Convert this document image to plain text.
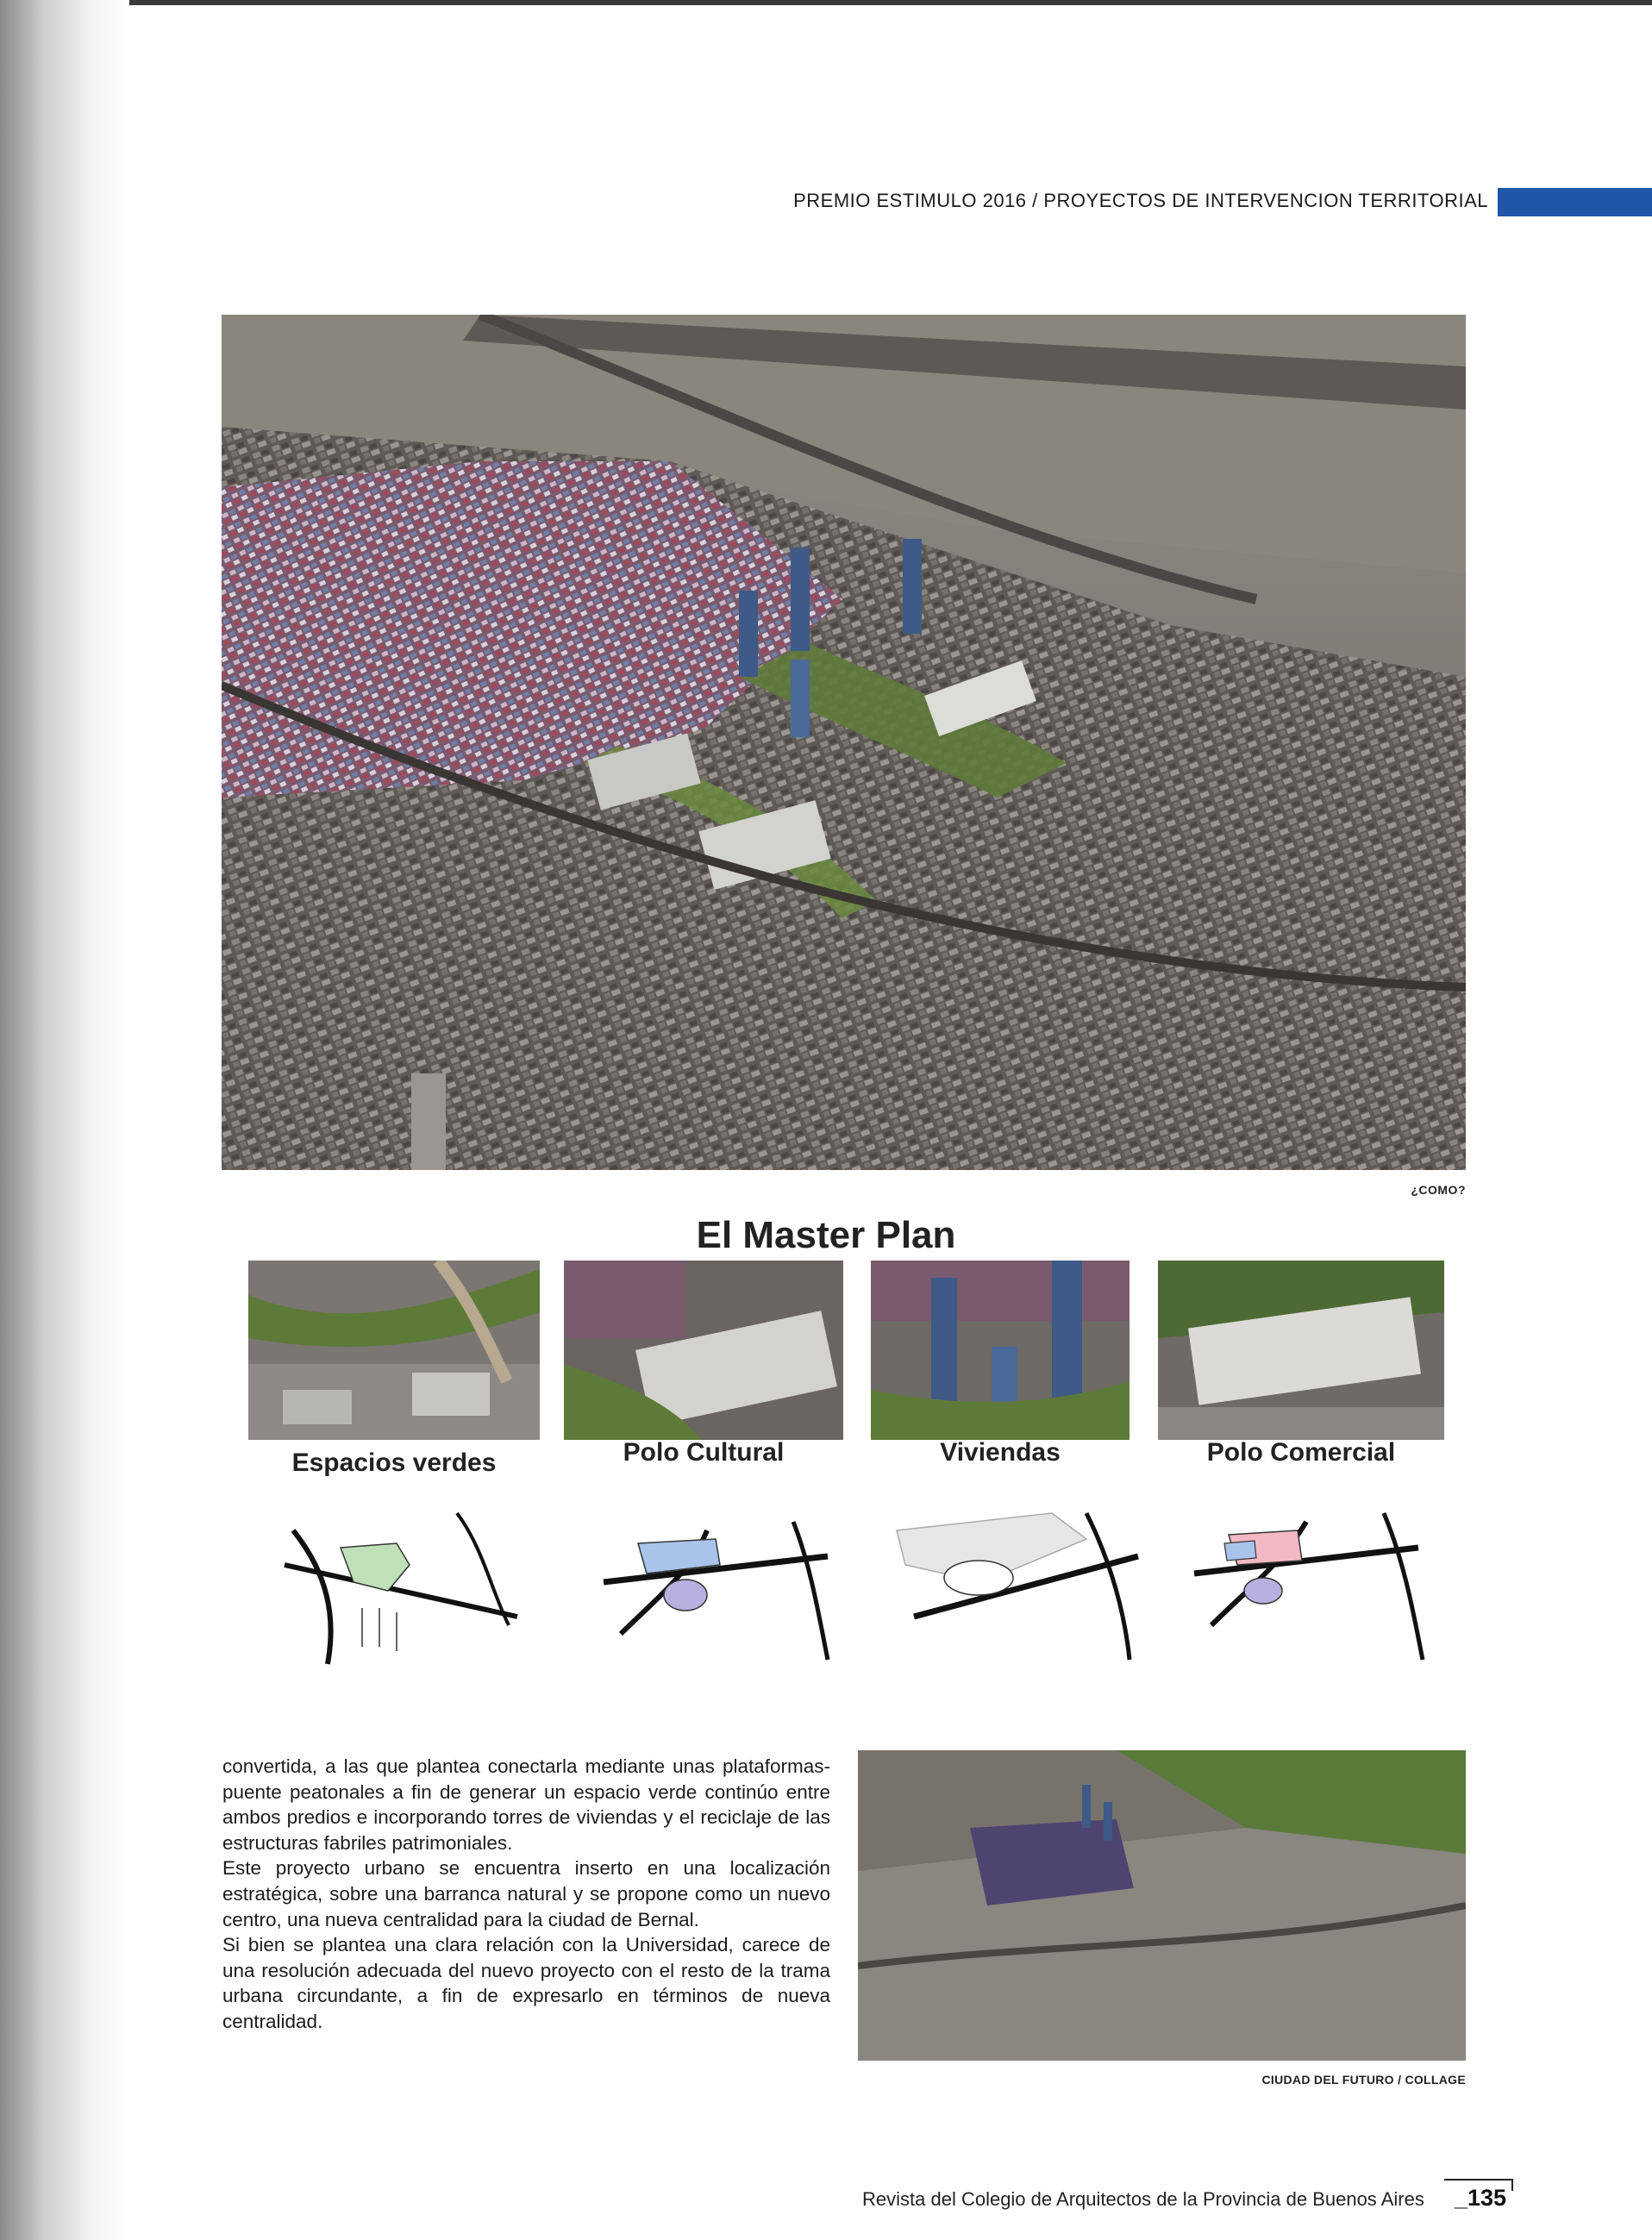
PREMIO ESTIMULO 2016 / PROYECTOS DE INTERVENCION TERRITORIAL
¿COMO?
El Master Plan
Espacios verdes	Polo Cultural	Viviendas	Polo Comercial

convertida, a las que plantea conectarla mediante unas plataformas-puente peatonales a fin de generar un espacio verde continúo entre ambos predios e incorporando torres de viviendas y el reciclaje de las estructuras fabriles patrimoniales.

Este proyecto urbano se encuentra inserto en una localización estratégica, sobre una barranca natural y se propone como un nuevo centro, una nueva centralidad para la ciudad de Bernal.

Si bien se plantea una clara relación con la Universidad, carece de una resolución adecuada del nuevo proyecto con el resto de la trama urbana circundante, a fin de expresarlo en términos de nueva centralidad.

CIUDAD DEL FUTURO / COLLAGE
Revista del Colegio de Arquitectos de la Provincia de Buenos Aires _135
